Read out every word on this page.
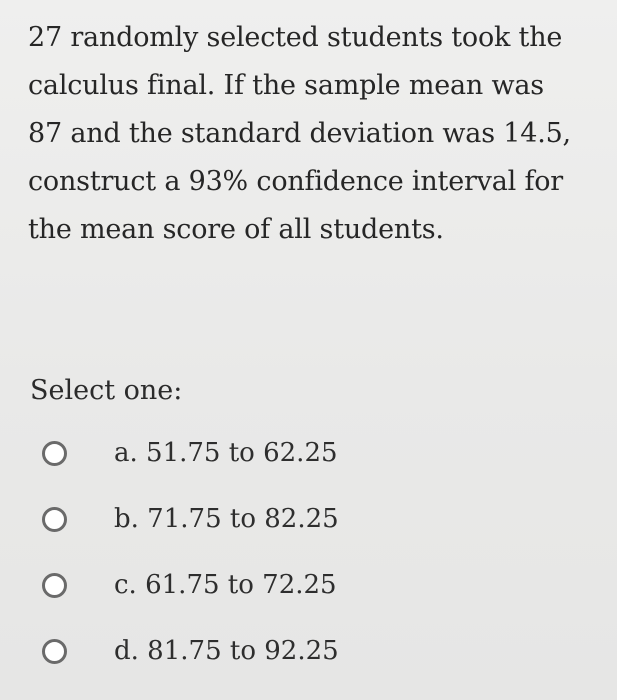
27 randomly selected students took the
calculus final. If the sample mean was
87 and the standard deviation was 14.5,
construct a 93% confidence interval for
the mean score of all students.
Select one:
a. 51.75 to 62.25
b. 71.75 to 82.25
c. 61.75 to 72.25
d. 81.75 to 92.25
